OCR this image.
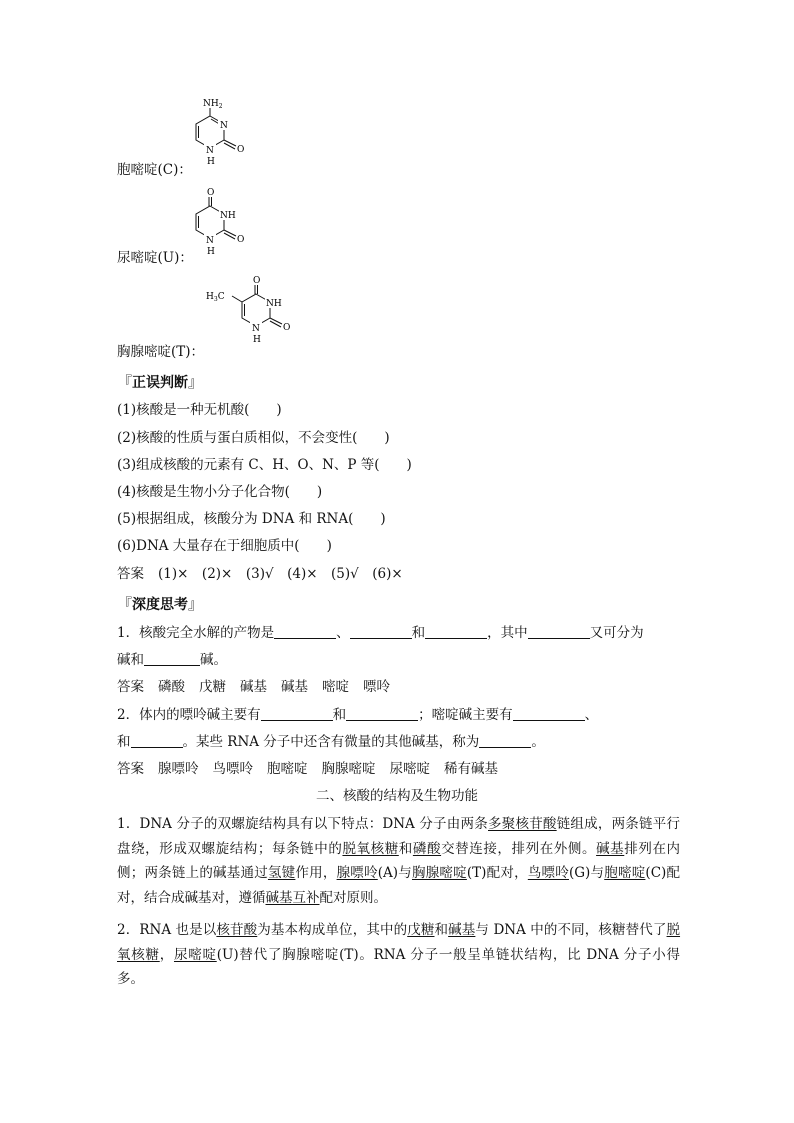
$NH_2$
N
N
H
O
胞嘧啶(C)：
O
NH
N
H
O
尿嘧啶(U)：
$H_3C$
O
NH
N
H
O
胸腺嘧啶(T)：
『正误判断』
(1)核酸是一种无机酸(　　)
(2)核酸的性质与蛋白质相似，不会变性(　　)
(3)组成核酸的元素有 C、H、O、N、P 等(　　)
(4)核酸是生物小分子化合物(　　)
(5)根据组成，核酸分为 DNA 和 RNA(　　)
(6)DNA 大量存在于细胞质中(　　)
答案 (1)×　(2)×　(3)√　(4)×　(5)√　(6)×
『深度思考』
1．核酸完全水解的产物是	、	和	，其中	又可分为
碱和	碱。
答案 磷酸 戊糖 碱基 碱基 嘧啶 嘌呤
2．体内的嘌呤碱主要有	和	；嘧啶碱主要有	、
和	。某些 RNA 分子中还含有微量的其他碱基，称为	。
答案 腺嘌呤 鸟嘌呤 胞嘧啶 胸腺嘧啶 尿嘧啶 稀有碱基
二、核酸的结构及生物功能
1．DNA 分子的双螺旋结构具有以下特点：DNA 分子由两条多聚核苷酸链组成，两条链平行盘绕，形成双螺旋结构；每条链中的脱氧核糖和磷酸交替连接，排列在外侧。碱基排列在内侧；两条链上的碱基通过氢键作用，腺嘌呤(A)与胸腺嘧啶(T)配对，鸟嘌呤(G)与胞嘧啶(C)配对，结合成碱基对，遵循碱基互补配对原则。
2．RNA 也是以核苷酸为基本构成单位，其中的戊糖和碱基与 DNA 中的不同，核糖替代了脱氧核糖，尿嘧啶(U)替代了胸腺嘧啶(T)。RNA 分子一般呈单链状结构，比 DNA 分子小得多。
